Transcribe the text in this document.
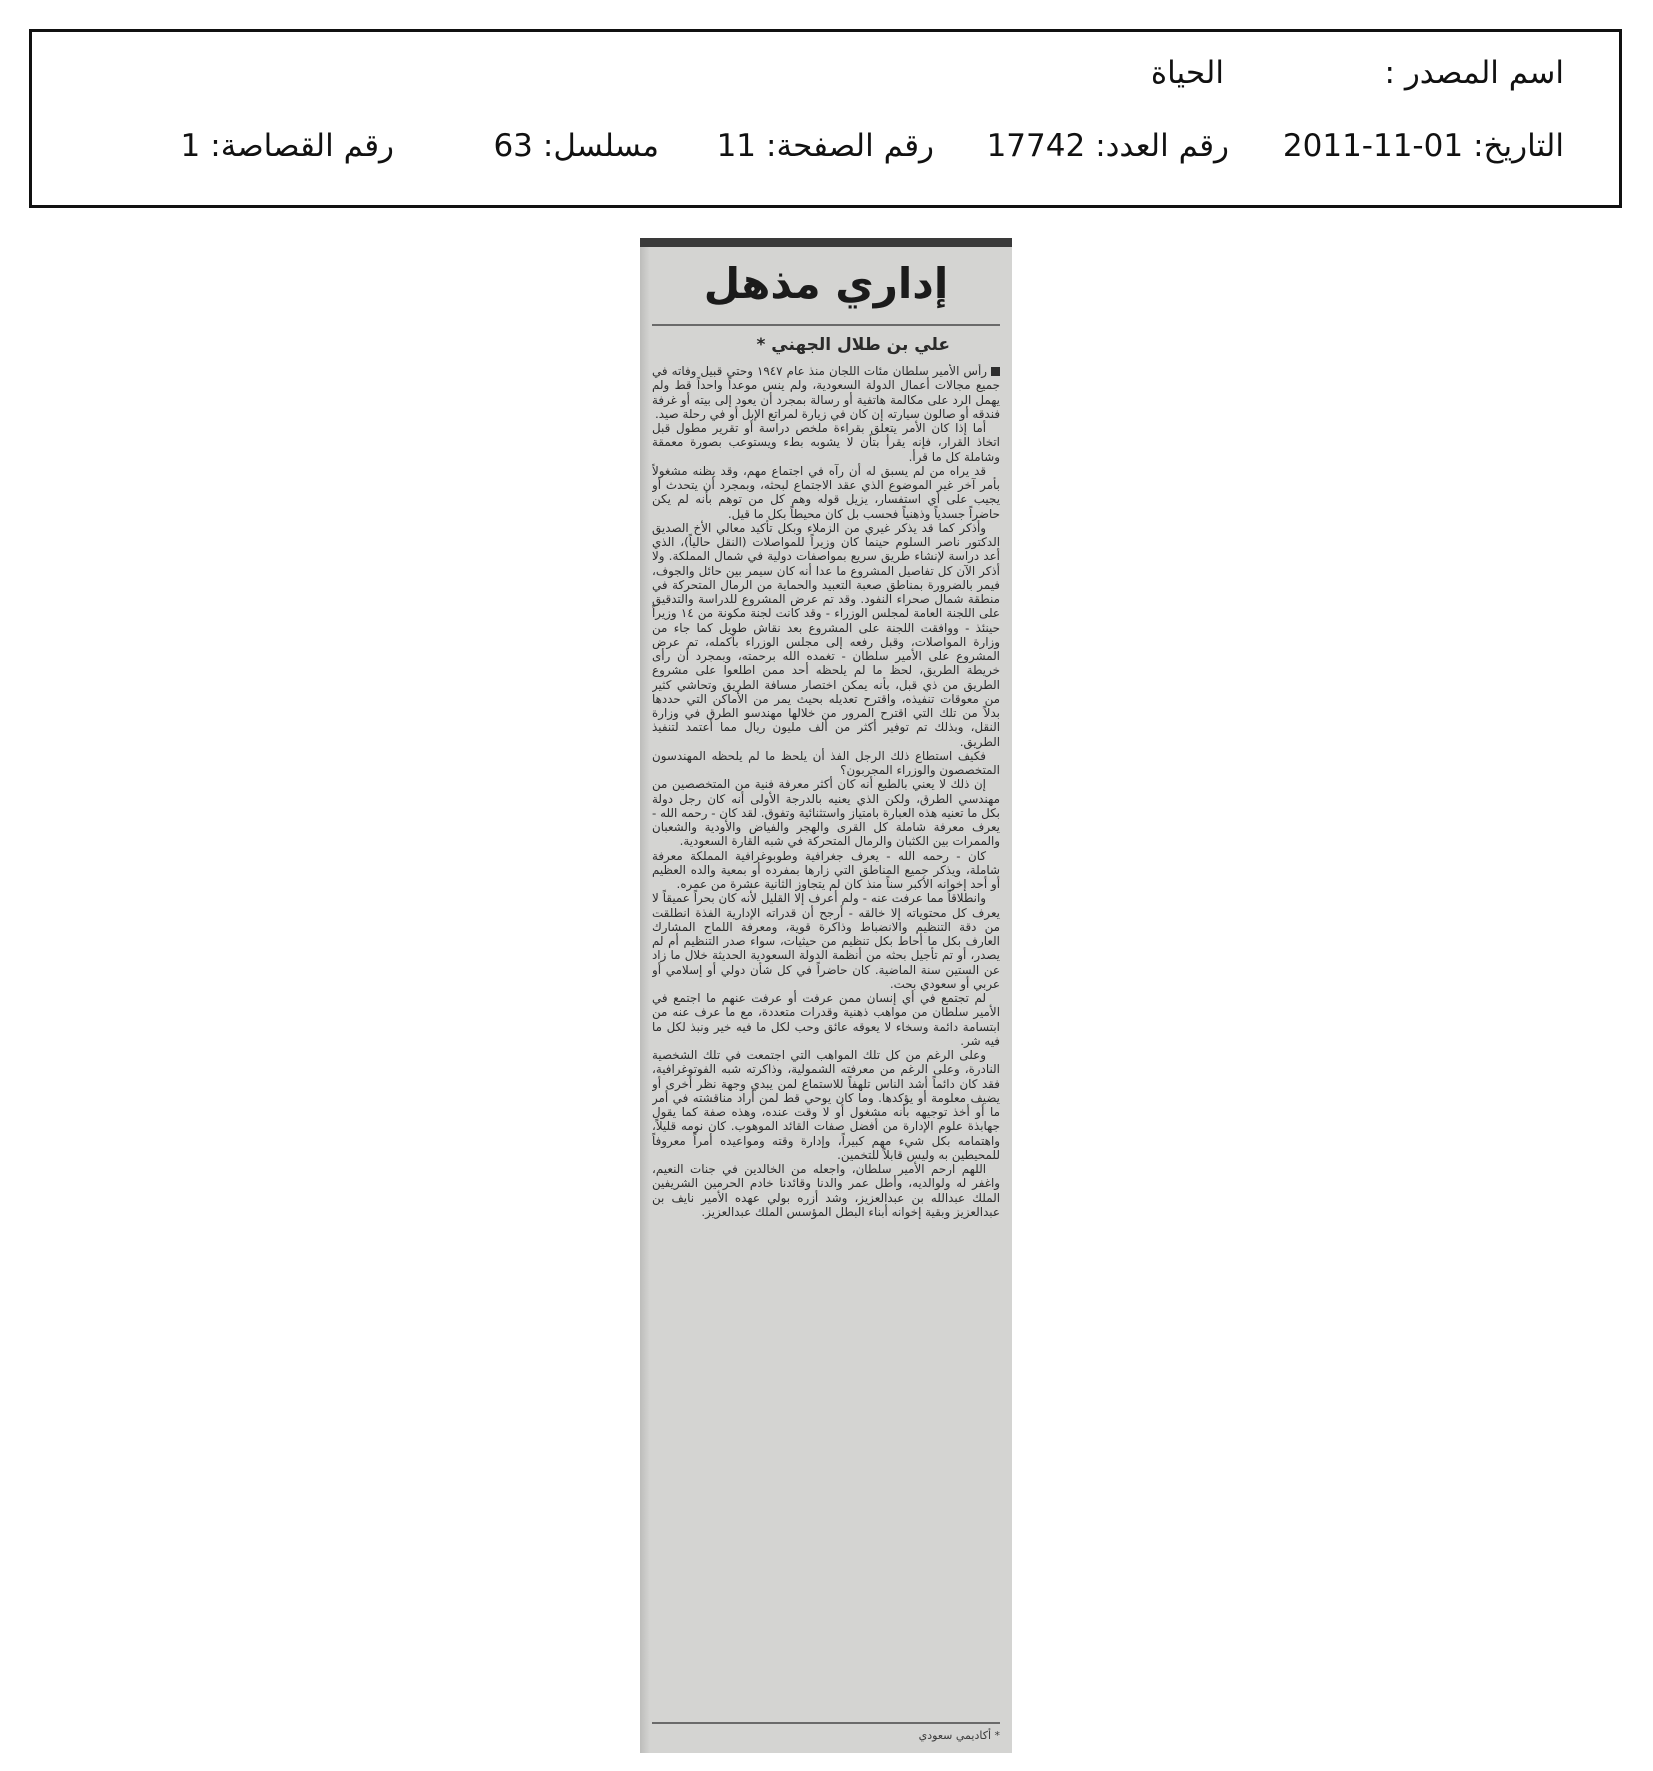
اسم المصدر :
الحياة
التاريخ:2011-11-01
رقم العدد:17742
رقم الصفحة:11
مسلسل:63
رقم القصاصة:1
إداري مذهل
علي بن طلال الجهني *

رأس الأمير سلطان مئات اللجان منذ عام ١٩٤٧ وحتى قبيل وفاته في جميع مجالات أعمال الدولة السعودية، ولم ينس موعداً واحداً قط ولم يهمل الرد على مكالمة هاتفية أو رسالة بمجرد أن يعود إلى بيته أو غرفة فندقه أو صالون سيارته إن كان في زيارة لمراتع الإبل أو في رحلة صيد.

أما إذا كان الأمر يتعلق بقراءة ملخص دراسة أو تقرير مطول قبل اتخاذ القرار، فإنه يقرأ بتأن لا يشوبه بطء ويستوعب بصورة معمقة وشاملة كل ما قرأ.

قد يراه من لم يسبق له أن رآه في اجتماع مهم، وقد يظنه مشغولاً بأمر آخر غير الموضوع الذي عقد الاجتماع لبحثه، وبمجرد أن يتحدث أو يجيب على أي استفسار، يزيل قوله وهم كل من توهم بأنه لم يكن حاضراً جسدياً وذهنياً فحسب بل كان محيطاً بكل ما قيل.

وأذكر كما قد يذكر غيري من الزملاء وبكل تأكيد معالي الأخ الصديق الدكتور ناصر السلوم حينما كان وزيراً للمواصلات (النقل حالياً)، الذي أعد دراسة لإنشاء طريق سريع بمواصفات دولية في شمال المملكة. ولا أذكر الآن كل تفاصيل المشروع ما عدا أنه كان سيمر بين حائل والجوف، فيمر بالضرورة بمناطق صعبة التعبيد والحماية من الرمال المتحركة في منطقة شمال صحراء النفود. وقد تم عرض المشروع للدراسة والتدقيق على اللجنة العامة لمجلس الوزراء - وقد كانت لجنة مكونة من ١٤ وزيراً حينئذ - ووافقت اللجنة على المشروع بعد نقاش طويل كما جاء من وزارة المواصلات، وقبل رفعه إلى مجلس الوزراء بأكمله، تم عرض المشروع على الأمير سلطان - تغمده الله برحمته، وبمجرد أن رأى خريطة الطريق، لحظ ما لم يلحظه أحد ممن اطلعوا على مشروع الطريق من ذي قبل، بأنه يمكن اختصار مسافة الطريق وتحاشي كثير من معوقات تنفيذه، واقترح تعديله بحيث يمر من الأماكن التي حددها بدلاً من تلك التي اقترح المرور من خلالها مهندسو الطرق في وزارة النقل، وبذلك تم توفير أكثر من ألف مليون ريال مما أعتمد لتنفيذ الطريق.

فكيف استطاع ذلك الرجل الفذ أن يلحظ ما لم يلحظه المهندسون المتخصصون والوزراء المجربون؟

إن ذلك لا يعني بالطبع أنه كان أكثر معرفة فنية من المتخصصين من مهندسي الطرق، ولكن الذي يعنيه بالدرجة الأولى أنه كان رجل دولة بكل ما تعنيه هذه العبارة بامتياز واستثنائية وتفوق. لقد كان - رحمه الله - يعرف معرفة شاملة كل القرى والهجر والفياض والأودية والشعبان والممرات بين الكثبان والرمال المتحركة في شبه القارة السعودية.

كان - رحمه الله - يعرف جغرافية وطوبوغرافية المملكة معرفة شاملة، ويذكر جميع المناطق التي زارها بمفرده أو بمعية والده العظيم أو أحد إخوانه الأكبر سناً منذ كان لم يتجاوز الثانية عشرة من عمره.

وانطلاقاً مما عرفت عنه - ولم أعرف إلا القليل لأنه كان بحراً عميقاً لا يعرف كل محتوياته إلا خالقه - أرجح أن قدراته الإدارية الفذة انطلقت من دقة التنظيم والانضباط وذاكرة قوية، ومعرفة اللماح المشارك العارف بكل ما أحاط بكل تنظيم من حيثيات، سواء صدر التنظيم أم لم يصدر، أو تم تأجيل بحثه من أنظمة الدولة السعودية الحديثة خلال ما زاد عن الستين سنة الماضية. كان حاضراً في كل شأن دولي أو إسلامي أو عربي أو سعودي بحت.

لم تجتمع في أي إنسان ممن عرفت أو عرفت عنهم ما اجتمع في الأمير سلطان من مواهب ذهنية وقدرات متعددة، مع ما عرف عنه من ابتسامة دائمة وسخاء لا يعوقه عائق وحب لكل ما فيه خير ونبذ لكل ما فيه شر.

وعلى الرغم من كل تلك المواهب التي اجتمعت في تلك الشخصية النادرة، وعلى الرغم من معرفته الشمولية، وذاكرته شبه الفوتوغرافية، فقد كان دائماً أشد الناس تلهفاً للاستماع لمن يبدي وجهة نظر أخرى أو يضيف معلومة أو يؤكدها. وما كان يوحي قط لمن أراد مناقشته في أمر ما أو أخذ توجيهه بأنه مشغول أو لا وقت عنده، وهذه صفة كما يقول جهابذة علوم الإدارة من أفضل صفات القائد الموهوب. كان نومه قليلاً، واهتمامه بكل شيء مهم كبيراً، وإدارة وقته ومواعيده أمراً معروفاً للمحيطين به وليس قابلاً للتخمين.

اللهم ارحم الأمير سلطان، واجعله من الخالدين في جنات النعيم، واغفر له ولوالديه، وأطل عمر والدنا وقائدنا خادم الحرمين الشريفين الملك عبدالله بن عبدالعزيز، وشد أزره بولي عهده الأمير نايف بن عبدالعزيز وبقية إخوانه أبناء البطل المؤسس الملك عبدالعزيز.

* أكاديمي سعودي
